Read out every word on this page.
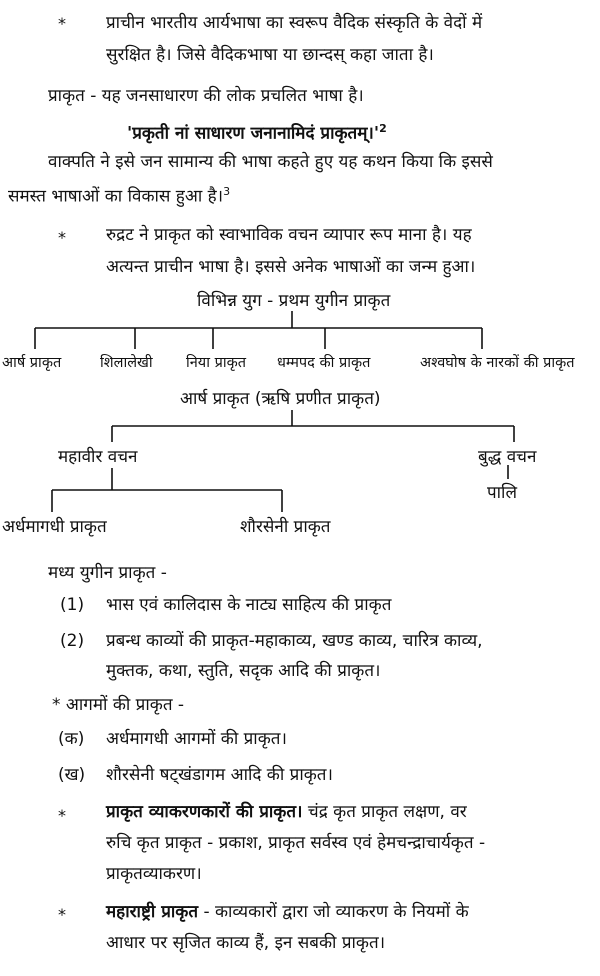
* प्राचीन भारतीय आर्यभाषा का स्वरूप वैदिक संस्कृति के वेदों में
सुरक्षित है। जिसे वैदिकभाषा या छान्दस् कहा जाता है।
प्राकृत - यह जनसाधारण की लोक प्रचलित भाषा है।
'प्रकृती नां साधारण जनानामिदं $प्राकृतम्।'^2$
वाक्पति ने इसे जन सामान्य की भाषा कहते हुए यह कथन किया कि इससे
समस्त भाषाओं का विकास हुआ है।$^3$
* रुद्रट ने प्राकृत को स्वाभाविक वचन व्यापार रूप माना है। यह
अत्यन्त प्राचीन भाषा है। इससे अनेक भाषाओं का जन्म हुआ।
विभिन्न युग - प्रथम युगीन प्राकृत
आर्ष प्राकृत	शिलालेखी निया प्राकृत धम्मपद की प्राकृत	अश्वघोष के नारकों की प्राकृत
आर्ष प्राकृत (ऋषि प्रणीत प्राकृत)
महावीर वचन	बुद्ध वचन
पालि
अर्धमागधी प्राकृत	शौरसेनी प्राकृत
मध्य युगीन प्राकृत -
(1) भास एवं कालिदास के नाट्य साहित्य की प्राकृत
(2) प्रबन्ध काव्यों की प्राकृत-महाकाव्य, खण्ड काव्य, चारित्र काव्य,
मुक्तक, कथा, स्तुति, सदृक आदि की प्राकृत।
* आगमों की प्राकृत -
(क) अर्धमागधी आगमों की प्राकृत।
(ख) शौरसेनी षट्खंडागम आदि की प्राकृत।
* प्राकृत व्याकरणकारों की प्राकृत। चंद्र कृत प्राकृत लक्षण, वर
रुचि कृत प्राकृत - प्रकाश, प्राकृत सर्वस्व एवं हेमचन्द्राचार्यकृत -
प्राकृतव्याकरण।
* महाराष्ट्री प्राकृत - काव्यकारों द्वारा जो व्याकरण के नियमों के
आधार पर सृजित काव्य हैं, इन सबकी प्राकृत।
